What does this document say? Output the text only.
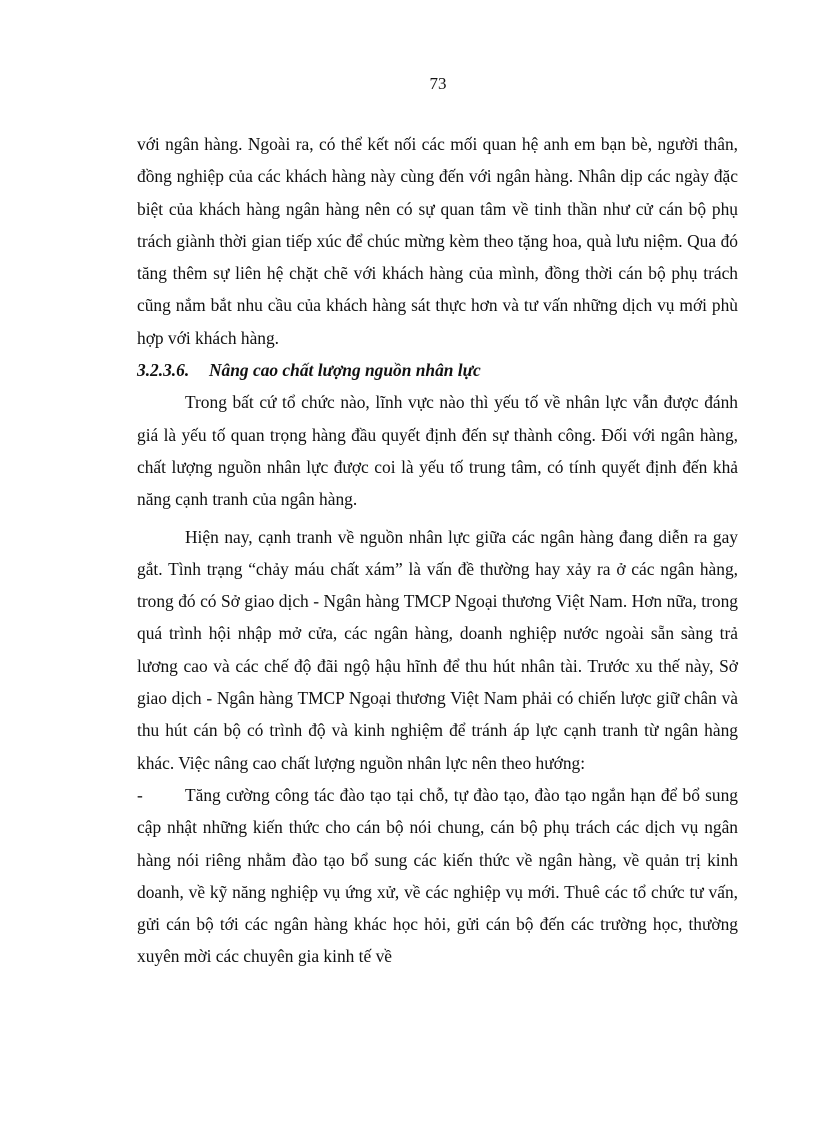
73

với ngân hàng. Ngoài ra, có thể kết nối các mối quan hệ anh em bạn bè, người thân, đồng nghiệp của các khách hàng này cùng đến với ngân hàng. Nhân dịp các ngày đặc biệt của khách hàng ngân hàng nên có sự quan tâm về tinh thần như cử cán bộ phụ trách giành thời gian tiếp xúc để chúc mừng kèm theo tặng hoa, quà lưu niệm. Qua đó tăng thêm sự liên hệ chặt chẽ với khách hàng của mình, đồng thời cán bộ phụ trách cũng nắm bắt nhu cầu của khách hàng sát thực hơn và tư vấn những dịch vụ mới phù hợp với khách hàng.

3.2.3.6. Nâng cao chất lượng nguồn nhân lực

Trong bất cứ tổ chức nào, lĩnh vực nào thì yếu tố về nhân lực vẫn được đánh giá là yếu tố quan trọng hàng đầu quyết định đến sự thành công. Đối với ngân hàng, chất lượng nguồn nhân lực được coi là yếu tố trung tâm, có tính quyết định đến khả năng cạnh tranh của ngân hàng.

Hiện nay, cạnh tranh về nguồn nhân lực giữa các ngân hàng đang diễn ra gay gắt. Tình trạng “chảy máu chất xám” là vấn đề thường hay xảy ra ở các ngân hàng, trong đó có Sở giao dịch - Ngân hàng TMCP Ngoại thương Việt Nam. Hơn nữa, trong quá trình hội nhập mở cửa, các ngân hàng, doanh nghiệp nước ngoài sẵn sàng trả lương cao và các chế độ đãi ngộ hậu hĩnh để thu hút nhân tài. Trước xu thế này, Sở giao dịch - Ngân hàng TMCP Ngoại thương Việt Nam phải có chiến lược giữ chân và thu hút cán bộ có trình độ và kinh nghiệm để tránh áp lực cạnh tranh từ ngân hàng khác. Việc nâng cao chất lượng nguồn nhân lực nên theo hướng:

-	Tăng cường công tác đào tạo tại chỗ, tự đào tạo, đào tạo ngắn hạn để bổ sung cập nhật những kiến thức cho cán bộ nói chung, cán bộ phụ trách các dịch vụ ngân hàng nói riêng nhằm đào tạo bổ sung các kiến thức về ngân hàng, về quản trị kinh doanh, về kỹ năng nghiệp vụ ứng xử, về các nghiệp vụ mới. Thuê các tổ chức tư vấn, gửi cán bộ tới các ngân hàng khác học hỏi, gửi cán bộ đến các trường học, thường xuyên mời các chuyên gia kinh tế về
